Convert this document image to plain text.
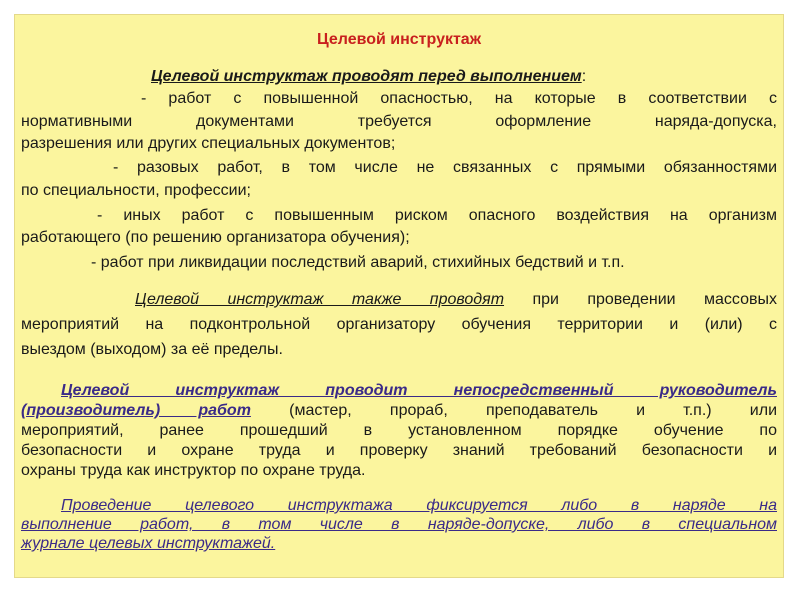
Целевой инструктаж
Целевой инструктаж проводят перед выполнением:
- работ с повышенной опасностью, на которые в соответствии с
нормативными документами требуется оформление наряда-допуска,
разрешения или других специальных документов;
- разовых работ, в том числе не связанных с прямыми обязанностями
по специальности, профессии;
- иных работ с повышенным риском опасного воздействия на организм
работающего (по решению организатора обучения);
- работ при ликвидации последствий аварий, стихийных бедствий и т.п.
Целевой инструктаж также проводят при проведении массовых
мероприятий на подконтрольной организатору обучения территории и (или) с
выездом (выходом) за её пределы.
Целевой инструктаж проводит непосредственный руководитель
(производитель) работ (мастер, прораб, преподаватель и т.п.) или
мероприятий, ранее прошедший в установленном порядке обучение по
безопасности и охране труда и проверку знаний требований безопасности и
охраны труда как инструктор по охране труда.
Проведение целевого инструктажа фиксируется либо в наряде на
выполнение работ, в том числе в наряде-допуске, либо в специальном
журнале целевых инструктажей.
